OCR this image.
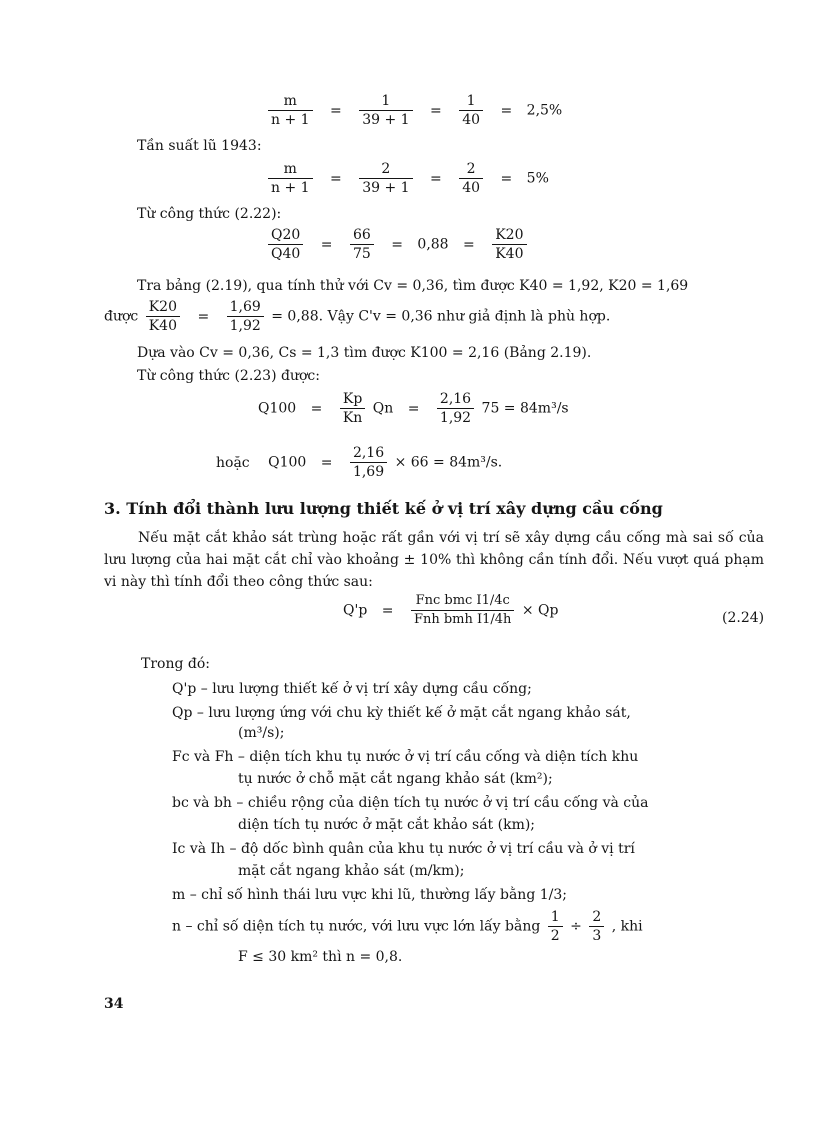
$\frac{m}{n + 1} = \frac{1}{39 + 1} = \frac{1}{40} = 2,5\%$
Tần suất lũ 1943:
$\frac{m}{n + 1} = \frac{2}{39 + 1} = \frac{2}{40} = 5\%$
Từ công thức (2.22):
$\frac{Q20}{Q40} = \frac{66}{75} = 0,88 = \frac{K20}{K40}$
Tra bảng (2.19), qua tính thử với Cv = 0,36, tìm được K40 = 1,92, K20 = 1,69
được $\frac{K20}{K40} = \frac{1,69}{1,92} = 0,88$. Vậy C'v = 0,36 như giả định là phù hợp.
Dựa vào Cv = 0,36, Cs = 1,3 tìm được K100 = 2,16 (Bảng 2.19).
Từ công thức (2.23) được:
$Q100 = \frac{Kp}{Kn}$ $Qn = \frac{2,16}{1,92} 75 = 84m^3/s$
hoặc $Q100 = \frac{2,16}{1,69} \times 66 = 84m^3/s$.
3. Tính đổi thành lưu lượng thiết kế ở vị trí xây dựng cầu cống
Nếu mặt cắt khảo sát trùng hoặc rất gần với vị trí sẽ xây dựng cầu cống mà sai số của lưu lượng của hai mặt cắt chỉ vào khoảng ± 10% thì không cần tính đổi. Nếu vượt quá phạm vi này thì tính đổi theo công thức sau:
$Q'p = \frac{\text{Fnc bmc I1/4c}}{\text{Fnh bmh I1/4h}} \times Qp$	(2.24)
Trong đó:
Q'p – lưu lượng thiết kế ở vị trí xây dựng cầu cống;
Qp – lưu lượng ứng với chu kỳ thiết kế ở mặt cắt ngang khảo sát,
(m³/s);
Fc và Fh – diện tích khu tụ nước ở vị trí cầu cống và diện tích khu
tụ nước ở chỗ mặt cắt ngang khảo sát (km²);
bc và bh – chiều rộng của diện tích tụ nước ở vị trí cầu cống và của
diện tích tụ nước ở mặt cắt khảo sát (km);
Ic và Ih – độ dốc bình quân của khu tụ nước ở vị trí cầu và ở vị trí
mặt cắt ngang khảo sát (m/km);
m – chỉ số hình thái lưu vực khi lũ, thường lấy bằng 1/3;
n – chỉ số diện tích tụ nước, với lưu vực lớn lấy bằng $\frac{1}{2} \div \frac{2}{3}$ , khi
F ≤ 30 km² thì n = 0,8.
34
